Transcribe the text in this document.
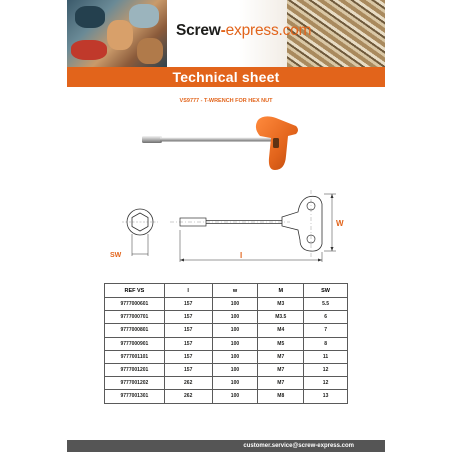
Screw-express.com
Technical sheet
VS9777 - T-WRENCH FOR HEX NUT
SW	l
W
REF VS	l	w	M	SW
9777000601	157	100	M3	5.5
9777000701	157	100	M3.5	6
9777000801	157	100	M4	7
9777000901	157	100	M5	8
9777001101	157	100	M7	11
9777001201	157	100	M7	12
9777001202	262	100	M7	12
9777001301	262	100	M8	13
customer.service@screw-express.com
